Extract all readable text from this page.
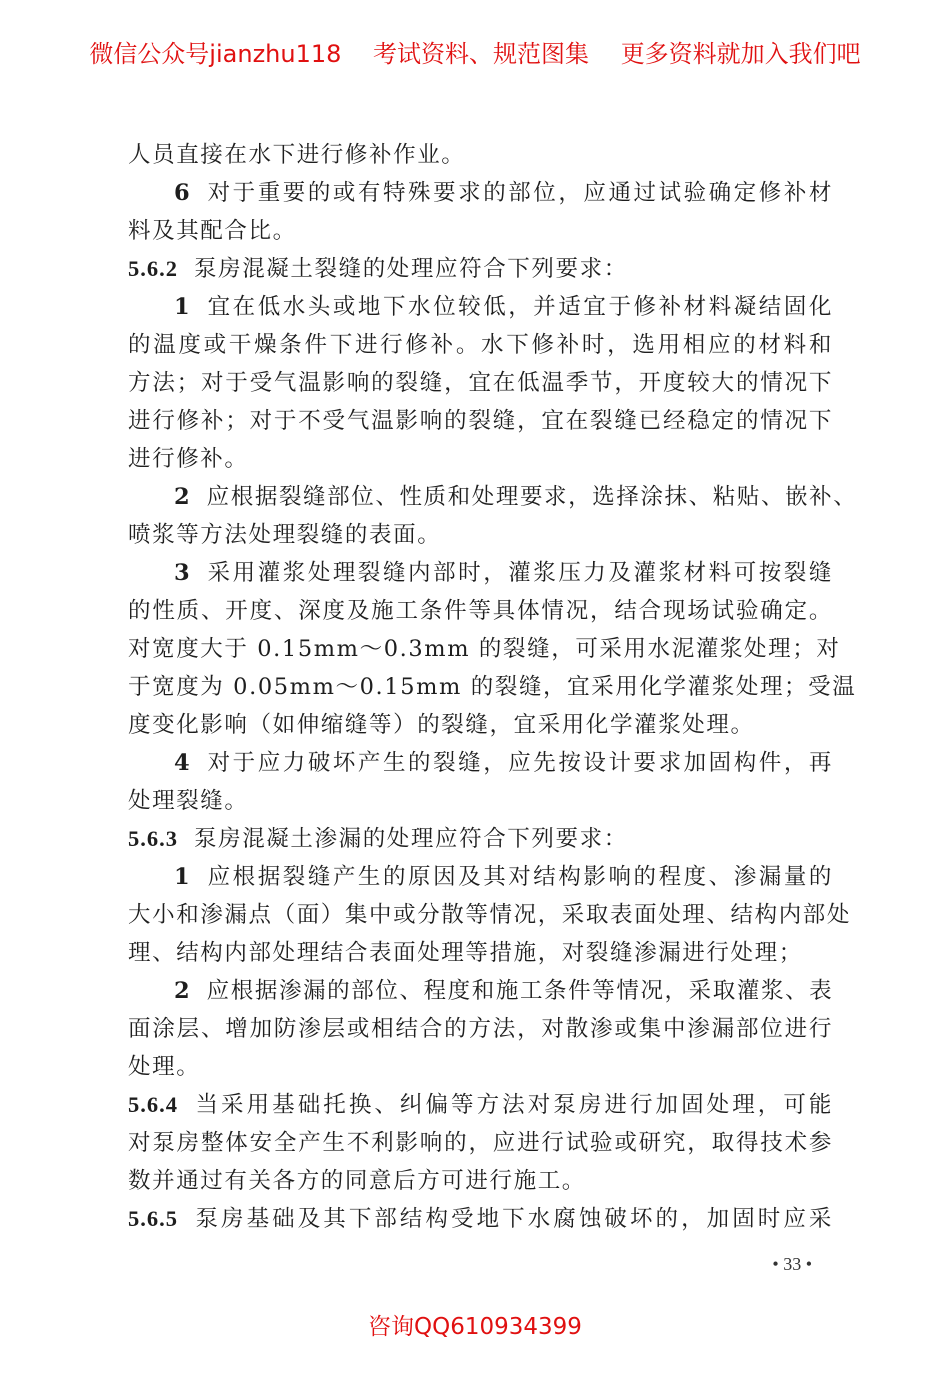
微信公众号jianzhu118 考试资料、规范图集 更多资料就加入我们吧
人员直接在水下进行修补作业。
6 对于重要的或有特殊要求的部位，应通过试验确定修补材
料及其配合比。
5.6.2 泵房混凝土裂缝的处理应符合下列要求：
1 宜在低水头或地下水位较低，并适宜于修补材料凝结固化
的温度或干燥条件下进行修补。水下修补时，选用相应的材料和
方法；对于受气温影响的裂缝，宜在低温季节，开度较大的情况下
进行修补；对于不受气温影响的裂缝，宜在裂缝已经稳定的情况下
进行修补。
2 应根据裂缝部位、性质和处理要求，选择涂抹、粘贴、嵌补、
喷浆等方法处理裂缝的表面。
3 采用灌浆处理裂缝内部时，灌浆压力及灌浆材料可按裂缝
的性质、开度、深度及施工条件等具体情况，结合现场试验确定。
对宽度大于 0.15mm～0.3mm 的裂缝，可采用水泥灌浆处理；对
于宽度为 0.05mm～0.15mm 的裂缝，宜采用化学灌浆处理；受温
度变化影响（如伸缩缝等）的裂缝，宜采用化学灌浆处理。
4 对于应力破坏产生的裂缝，应先按设计要求加固构件，再
处理裂缝。
5.6.3 泵房混凝土渗漏的处理应符合下列要求：
1 应根据裂缝产生的原因及其对结构影响的程度、渗漏量的
大小和渗漏点（面）集中或分散等情况，采取表面处理、结构内部处
理、结构内部处理结合表面处理等措施，对裂缝渗漏进行处理；
2 应根据渗漏的部位、程度和施工条件等情况，采取灌浆、表
面涂层、增加防渗层或相结合的方法，对散渗或集中渗漏部位进行
处理。
5.6.4 当采用基础托换、纠偏等方法对泵房进行加固处理，可能
对泵房整体安全产生不利影响的，应进行试验或研究，取得技术参
数并通过有关各方的同意后方可进行施工。
5.6.5 泵房基础及其下部结构受地下水腐蚀破坏的，加固时应采
• 33 •
咨询QQ610934399
